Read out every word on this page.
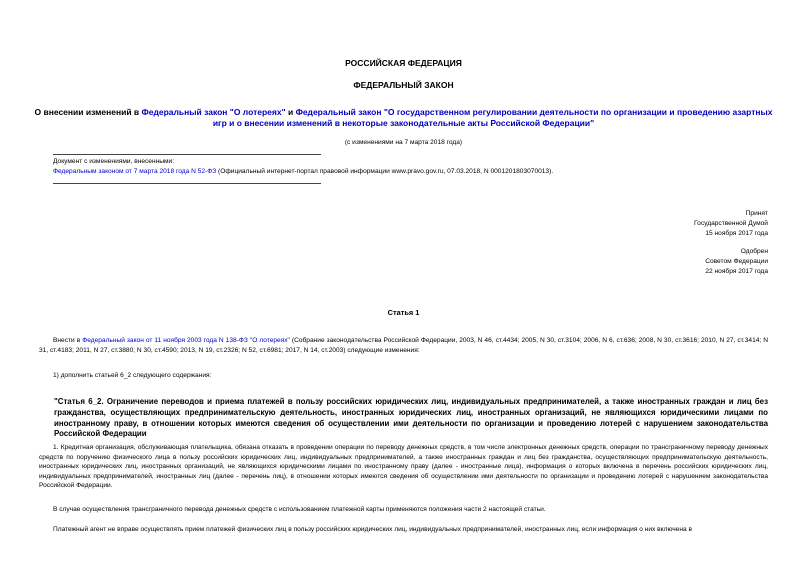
РОССИЙСКАЯ ФЕДЕРАЦИЯ
ФЕДЕРАЛЬНЫЙ ЗАКОН
О внесении изменений в Федеральный закон "О лотереях" и Федеральный закон "О государственном регулировании деятельности по организации и проведению азартных игр и о внесении изменений в некоторые законодательные акты Российской Федерации"
(с изменениями на 7 марта 2018 года)
Документ с изменениями, внесенными:
Федеральным законом от 7 марта 2018 года N 52-ФЗ (Официальный интернет-портал правовой информации www.pravo.gov.ru, 07.03.2018, N 0001201803070013).
Принят
Государственной Думой
15 ноября 2017 года
Одобрен
Советом Федерации
22 ноября 2017 года
Статья 1
Внести в Федеральный закон от 11 ноября 2003 года N 138-ФЗ "О лотереях" (Собрание законодательства Российской Федерации, 2003, N 46, ст.4434; 2005, N 30, ст.3104; 2006, N 6, ст.636; 2008, N 30, ст.3616; 2010, N 27, ст.3414; N 31, ст.4183; 2011, N 27, ст.3880; N 30, ст.4590; 2013, N 19, ст.2326; N 52, ст.6981; 2017, N 14, ст.2003) следующие изменения:
1) дополнить статьей 6_2 следующего содержания:
"Статья 6_2. Ограничение переводов и приема платежей в пользу российских юридических лиц, индивидуальных предпринимателей, а также иностранных граждан и лиц без гражданства, осуществляющих предпринимательскую деятельность, иностранных юридических лиц, иностранных организаций, не являющихся юридическими лицами по иностранному праву, в отношении которых имеются сведения об осуществлении ими деятельности по организации и проведению лотерей с нарушением законодательства Российской Федерации
1. Кредитная организация, обслуживающая плательщика, обязана отказать в проведении операции по переводу денежных средств, в том числе электронных денежных средств, операции по трансграничному переводу денежных средств по поручению физического лица в пользу российских юридических лиц, индивидуальных предпринимателей, а также иностранных граждан и лиц без гражданства, осуществляющих предпринимательскую деятельность, иностранных юридических лиц, иностранных организаций, не являющихся юридическими лицами по иностранному праву (далее - иностранные лица), информация о которых включена в перечень российских юридических лиц, индивидуальных предпринимателей, иностранных лиц (далее - перечень лиц), в отношении которых имеются сведения об осуществлении ими деятельности по организации и проведению лотерей с нарушением законодательства Российской Федерации.
В случае осуществления трансграничного перевода денежных средств с использованием платежной карты применяются положения части 2 настоящей статьи.
Платежный агент не вправе осуществлять прием платежей физических лиц в пользу российских юридических лиц, индивидуальных предпринимателей, иностранных лиц, если информация о них включена в
